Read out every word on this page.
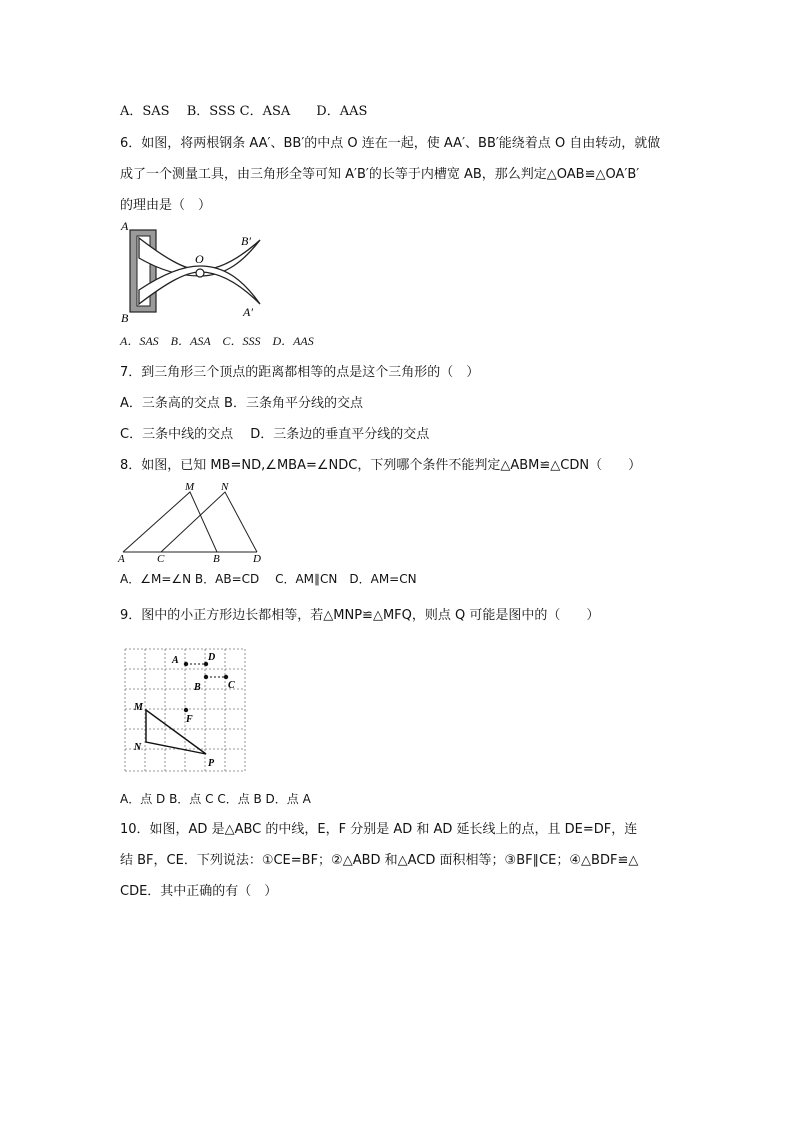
A．SAS　 B．SSS C．ASA　　D．AAS
6．如图，将两根钢条 AA′、BB′的中点 O 连在一起，使 AA′、BB′能绕着点 O 自由转动，就做
成了一个测量工具，由三角形全等可知 A′B′的长等于内槽宽 AB，那么判定△OAB≌△OA′B′
的理由是（　）
A
B
O
B′
A′
A．SAS　B．ASA　C．SSS　D．AAS
7．到三角形三个顶点的距离都相等的点是这个三角形的（　）
A．三条高的交点 B．三条角平分线的交点
C．三条中线的交点　 D．三条边的垂直平分线的交点
8．如图，已知 MB=ND,∠MBA=∠NDC，下列哪个条件不能判定△ABM≌△CDN（　　）
M N
A	C	B	D
A．∠M=∠N B．AB=CD　 C．AM∥CN　D．AM=CN
9．图中的小正方形边长都相等，若△MNP≌△MFQ，则点 Q 可能是图中的（　　）
A	D
B	C
M
F
N
P
A．点 D B．点 C C．点 B D．点 A
10．如图，AD 是△ABC 的中线，E，F 分别是 AD 和 AD 延长线上的点，且 DE=DF，连
结 BF，CE．下列说法：①CE=BF；②△ABD 和△ACD 面积相等；③BF∥CE；④△BDF≌△
CDE．其中正确的有（　）
